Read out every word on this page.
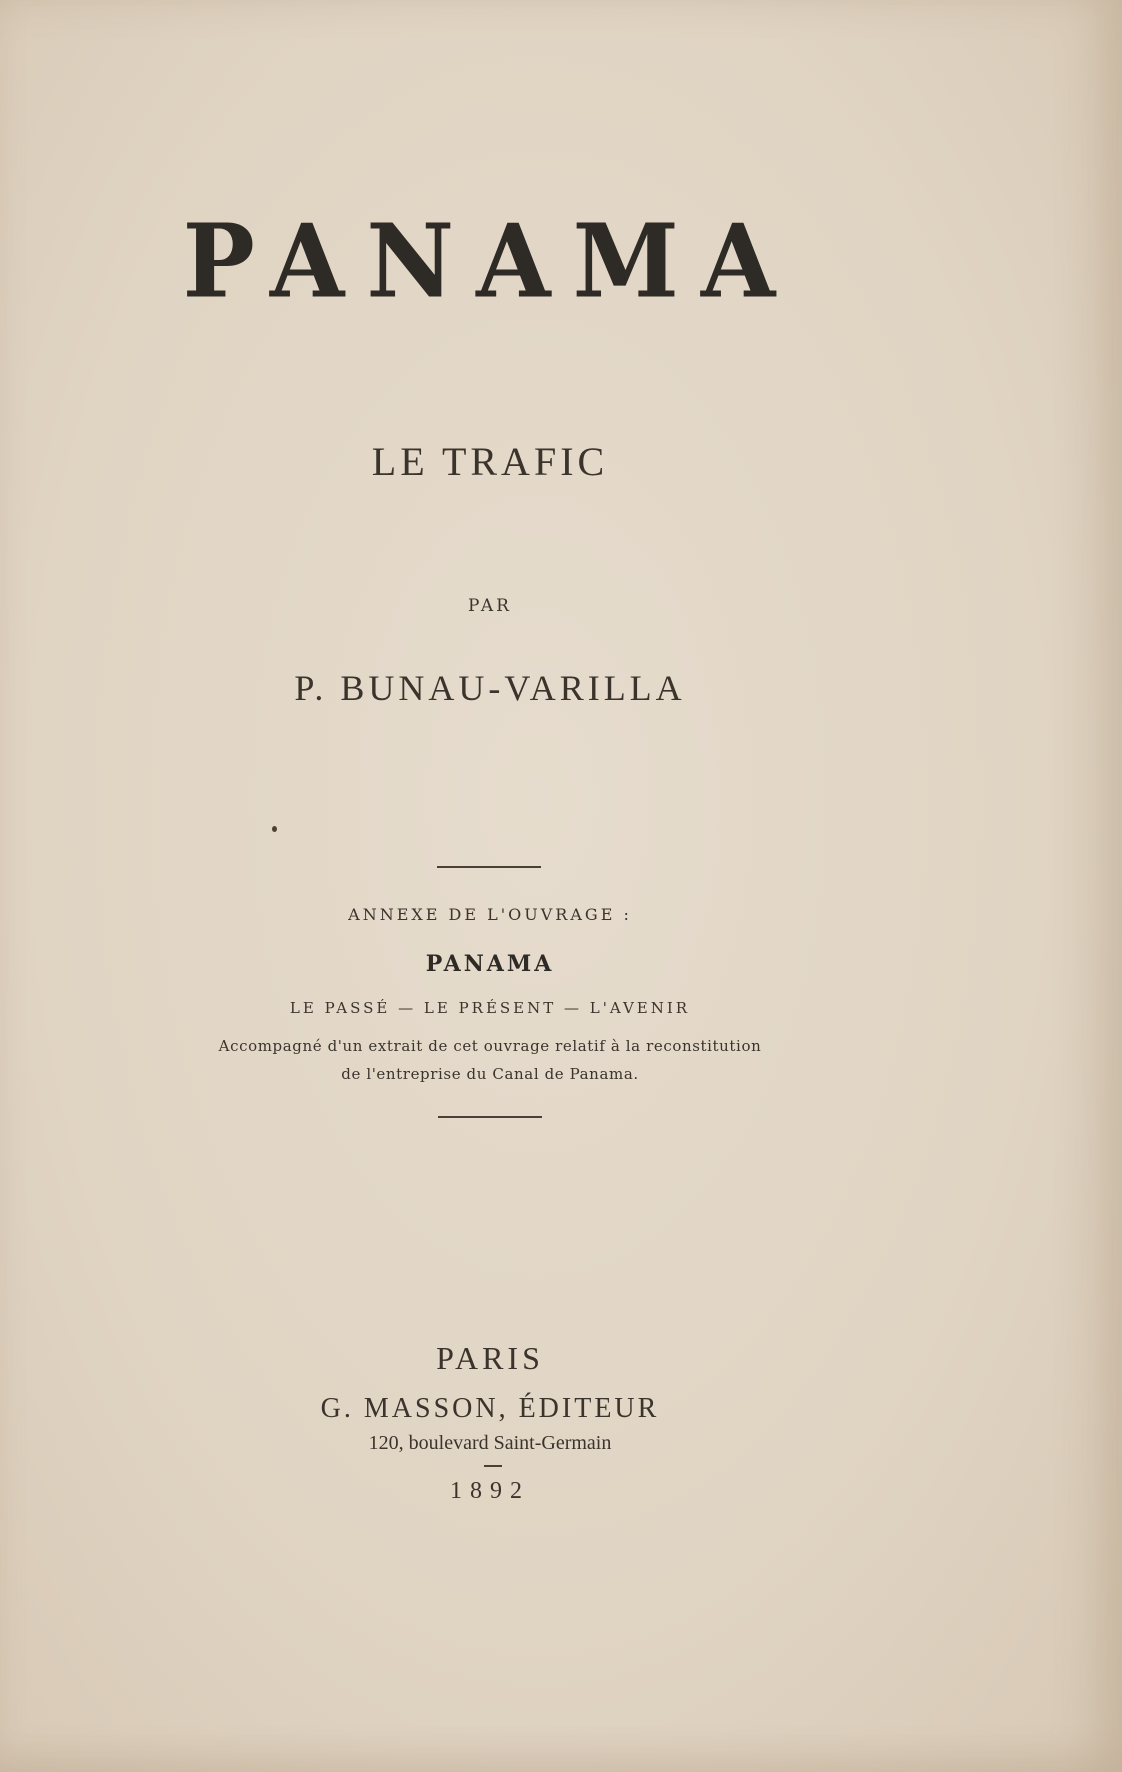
PANAMA
LE TRAFIC
PAR
P. BUNAU-VARILLA
ANNEXE DE L'OUVRAGE :
PANAMA
LE PASSÉ — LE PRÉSENT — L'AVENIR
Accompagné d'un extrait de cet ouvrage relatif à la reconstitution
de l'entreprise du Canal de Panama.
PARIS
G. MASSON, ÉDITEUR
120, boulevard Saint-Germain
1892
